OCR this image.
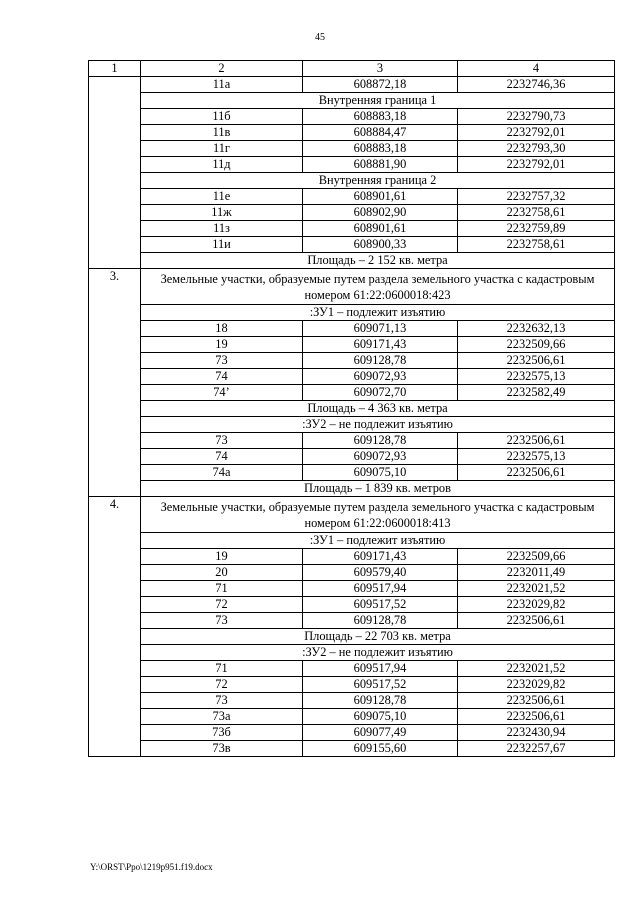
45
1	2	3	4
	11а	608872,18	2232746,36
	Внутренняя граница 1		
	11б	608883,18	2232790,73
	11в	608884,47	2232792,01
	11г	608883,18	2232793,30
	11д	608881,90	2232792,01
	Внутренняя граница 2		
	11е	608901,61	2232757,32
	11ж	608902,90	2232758,61
	11з	608901,61	2232759,89
	11и	608900,33	2232758,61
	Площадь – 2 152 кв. метра		
3.	Земельные участки, образуемые путем раздела земельного участка с кадастровым номером 61:22:0600018:423		
	:ЗУ1 – подлежит изъятию		
	18	609071,13	2232632,13
	19	609171,43	2232509,66
	73	609128,78	2232506,61
	74	609072,93	2232575,13
	74’	609072,70	2232582,49
	Площадь – 4 363 кв. метра		
	:ЗУ2 – не подлежит изъятию		
	73	609128,78	2232506,61
	74	609072,93	2232575,13
	74а	609075,10	2232506,61
	Площадь – 1 839 кв. метров		
4.	Земельные участки, образуемые путем раздела земельного участка с кадастровым номером 61:22:0600018:413		
	:ЗУ1 – подлежит изъятию		
	19	609171,43	2232509,66
	20	609579,40	2232011,49
	71	609517,94	2232021,52
	72	609517,52	2232029,82
	73	609128,78	2232506,61
	Площадь – 22 703 кв. метра		
	:ЗУ2 – не подлежит изъятию		
	71	609517,94	2232021,52
	72	609517,52	2232029,82
	73	609128,78	2232506,61
	73а	609075,10	2232506,61
	73б	609077,49	2232430,94
	73в	609155,60	2232257,67
Y:\ORST\Ppo\1219p951.f19.docx
